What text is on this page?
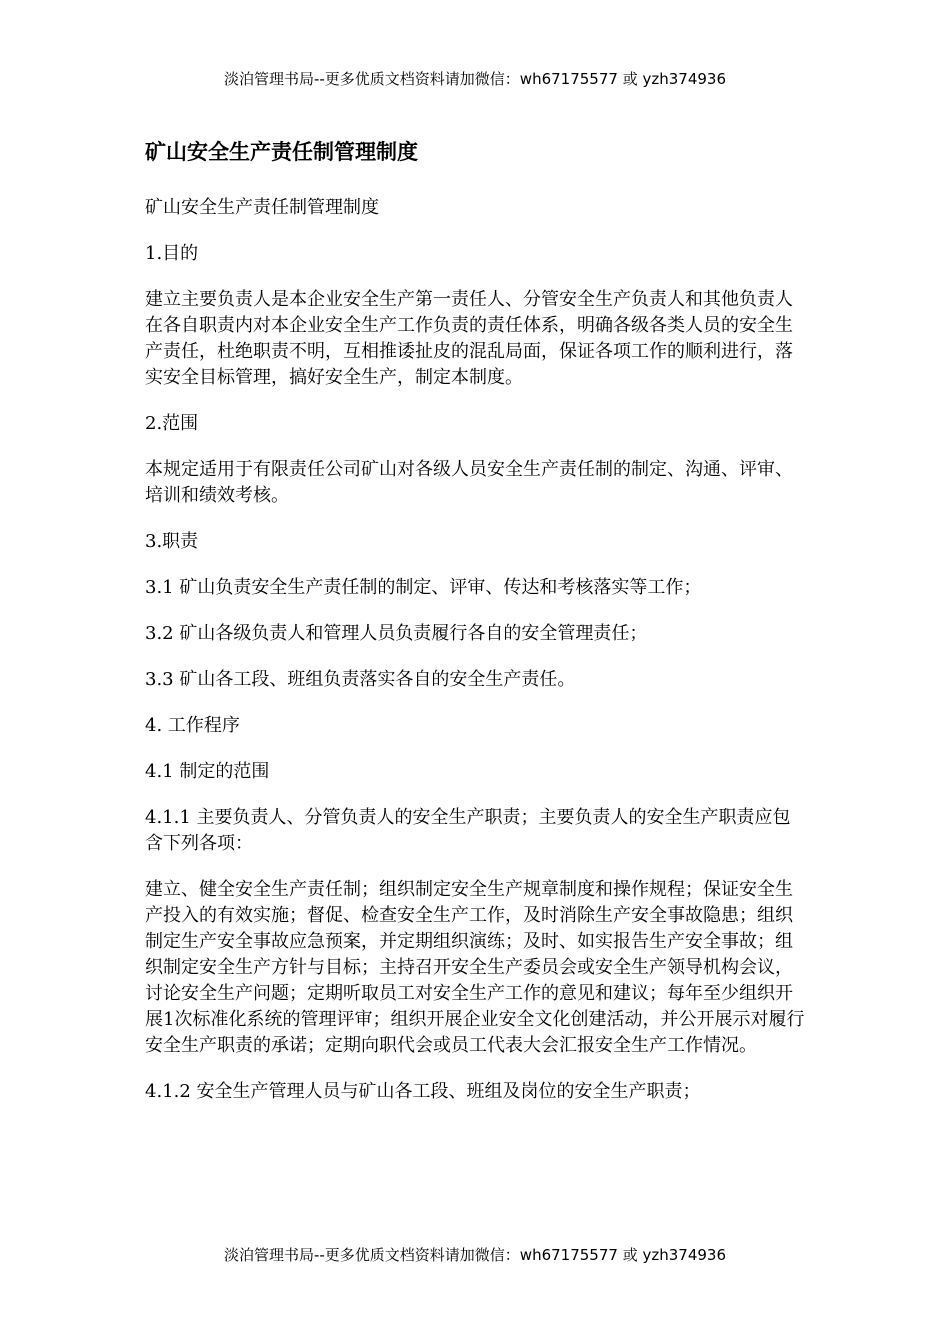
淡泊管理书局--更多优质文档资料请加微信：wh67175577 或 yzh374936
矿山安全生产责任制管理制度

矿山安全生产责任制管理制度

1.目的

建立主要负责人是本企业安全生产第一责任人、分管安全生产负责人和其他负责人在各自职责内对本企业安全生产工作负责的责任体系，明确各级各类人员的安全生产责任，杜绝职责不明，互相推诿扯皮的混乱局面，保证各项工作的顺利进行，落实安全目标管理，搞好安全生产，制定本制度。

2.范围

本规定适用于有限责任公司矿山对各级人员安全生产责任制的制定、沟通、评审、培训和绩效考核。

3.职责

3.1 矿山负责安全生产责任制的制定、评审、传达和考核落实等工作；

3.2 矿山各级负责人和管理人员负责履行各自的安全管理责任；

3.3 矿山各工段、班组负责落实各自的安全生产责任。

4. 工作程序

4.1 制定的范围

4.1.1 主要负责人、分管负责人的安全生产职责；主要负责人的安全生产职责应包含下列各项：

建立、健全安全生产责任制；组织制定安全生产规章制度和操作规程；保证安全生产投入的有效实施；督促、检查安全生产工作，及时消除生产安全事故隐患；组织制定生产安全事故应急预案，并定期组织演练；及时、如实报告生产安全事故；组织制定安全生产方针与目标；主持召开安全生产委员会或安全生产领导机构会议，讨论安全生产问题；定期听取员工对安全生产工作的意见和建议；每年至少组织开展1次标准化系统的管理评审；组织开展企业安全文化创建活动，并公开展示对履行安全生产职责的承诺；定期向职代会或员工代表大会汇报安全生产工作情况。

4.1.2 安全生产管理人员与矿山各工段、班组及岗位的安全生产职责；

淡泊管理书局--更多优质文档资料请加微信：wh67175577 或 yzh374936
